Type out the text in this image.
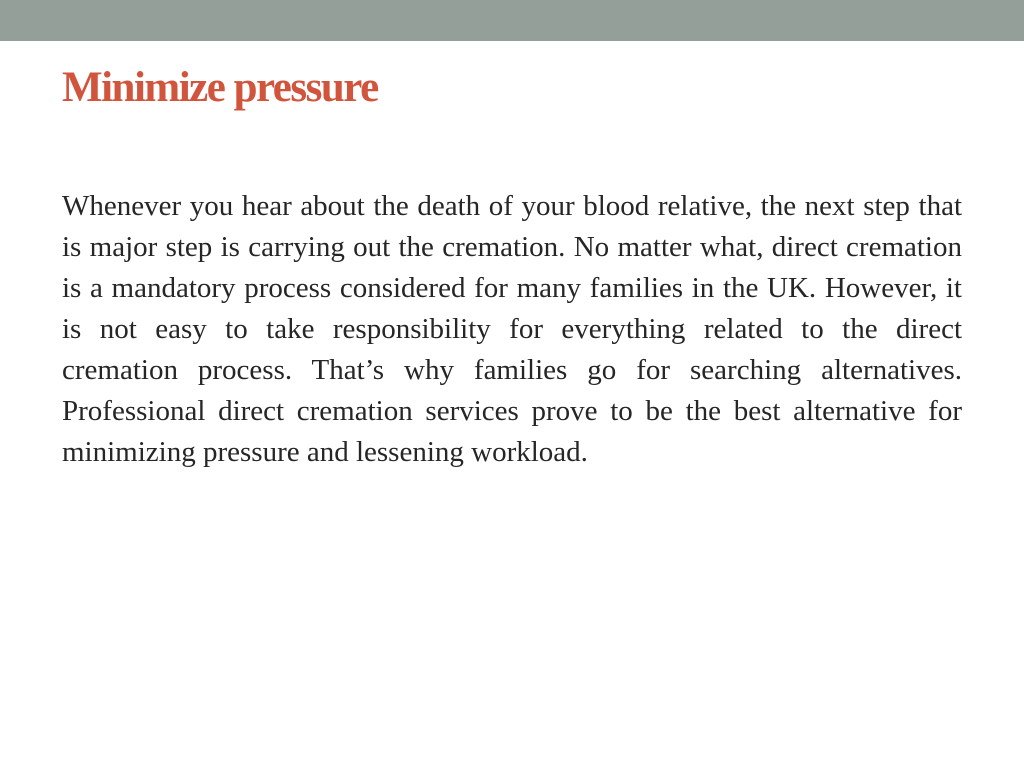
Minimize pressure

Whenever you hear about the death of your blood relative, the next step that is major step is carrying out the cremation. No matter what, direct cremation is a mandatory process considered for many families in the UK. However, it is not easy to take responsibility for everything related to the direct cremation process. That’s why families go for searching alternatives. Professional direct cremation services prove to be the best alternative for minimizing pressure and lessening workload.
